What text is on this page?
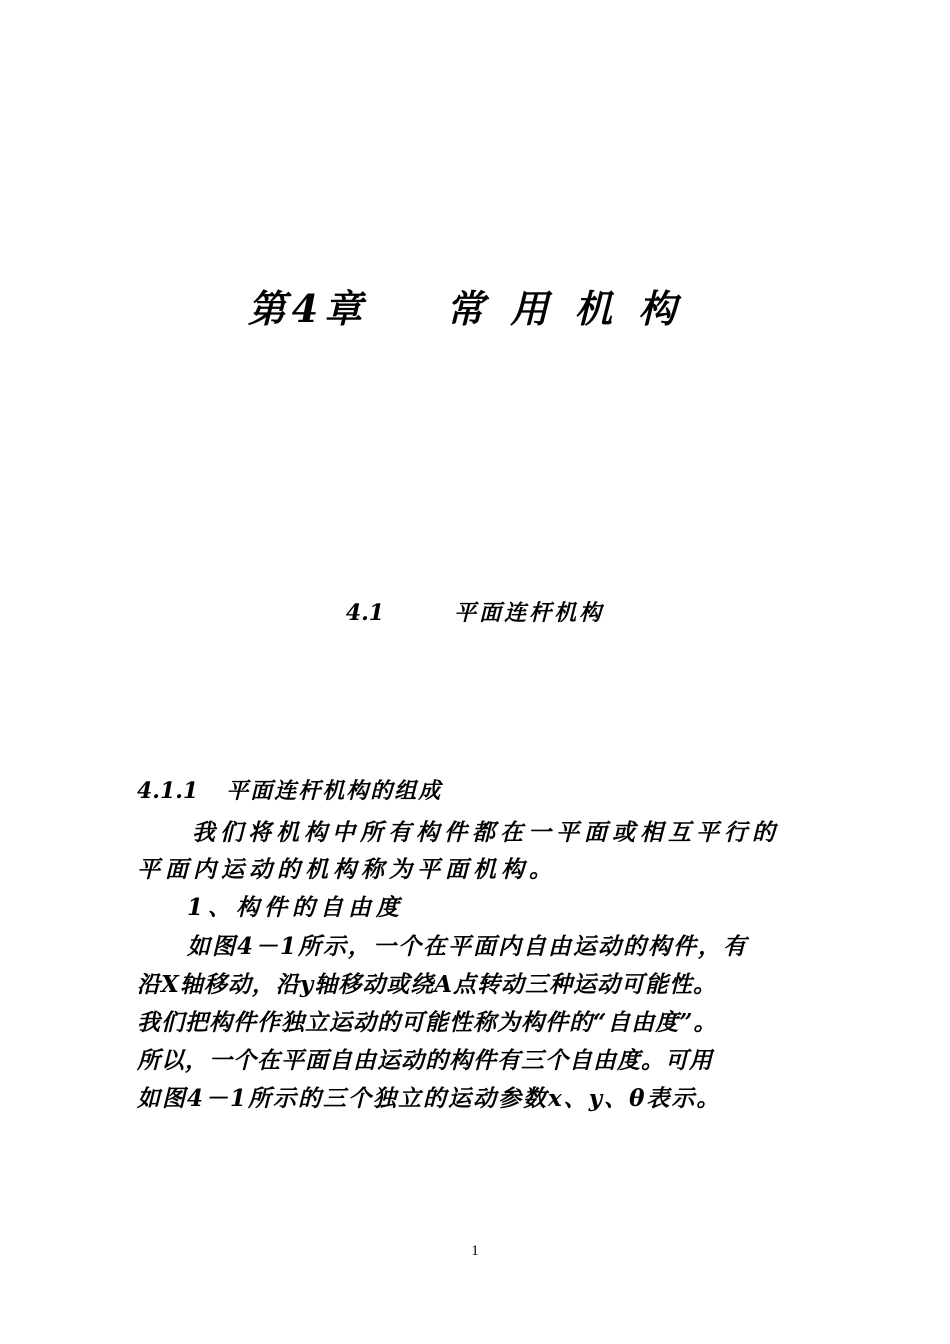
第4章 常用机构
4.1	平面连杆机构
4.1.1 平面连杆机构的组成
我们将机构中所有构件都在一平面或相互平行的
平面内运动的机构称为平面机构。
1、构件的自由度
如图4－1所示，一个在平面内自由运动的构件，有
沿X轴移动，沿y轴移动或绕A点转动三种运动可能性。
我们把构件作独立运动的可能性称为构件的“自由度”。
所以，一个在平面自由运动的构件有三个自由度。可用
如图4－1所示的三个独立的运动参数x、y、θ表示。
1
